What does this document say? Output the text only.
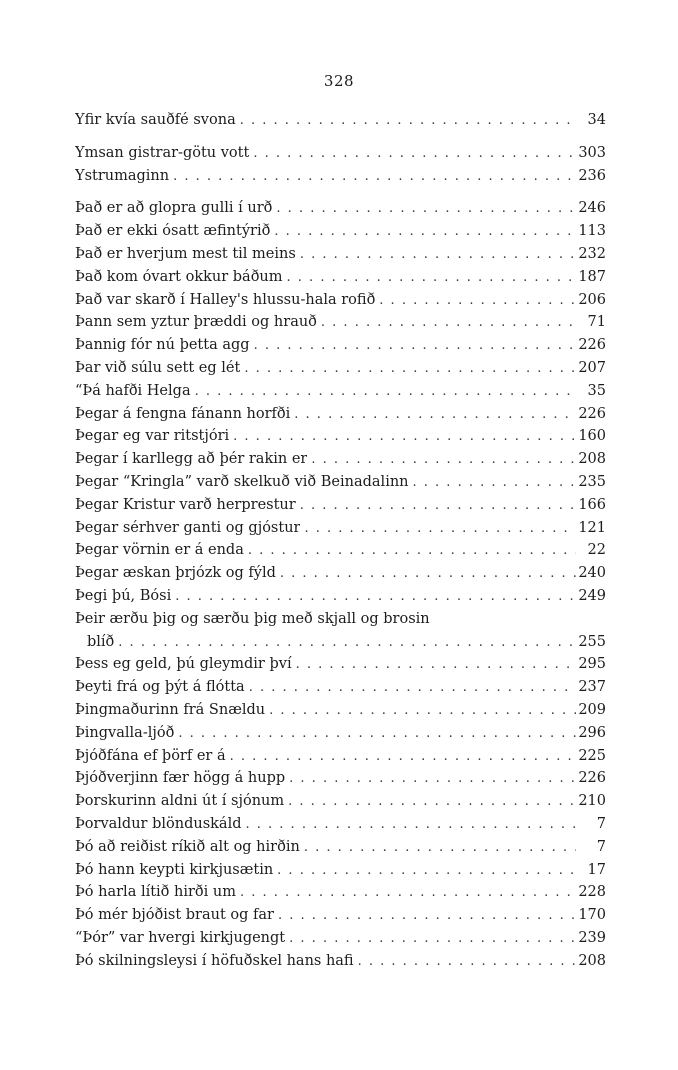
328
Yfir kvía sauðfé svona . . .	34
Ýmsan gistrar-götu vott . . .	303
Ýstrumaginn . . .	236
Það er að glopra gulli í urð . . .	246
Það er ekki ósatt æfintýrið . . .	113
Það er hverjum mest til meins . . .	232
Það kom óvart okkur báðum . . .	187
Það var skarð í Halley's hlussu-hala rofið . . .	206
Þann sem yztur þræddi og hrauð . . .	71
Þannig fór nú þetta agg . . .	226
Þar við súlu sett eg lét . . .	207
“Þá hafði Helga . . .	35
Þegar á fengna fánann horfði . . .	226
Þegar eg var ritstjóri . . .	160
Þegar í karllegg að þér rakin er . . .	208
Þegar “Kringla” varð skelkuð við Beinadalinn . . .	235
Þegar Kristur varð herprestur . . .	166
Þegar sérhver ganti og gjóstur . . .	121
Þegar vörnin er á enda . . .	22
Þegar æskan þrjózk og fýld . . .	240
Þegi þú, Bósi . . .	249
Þeir ærðu þig og særðu þig með skjall og brosin
blíð . . .	255
Þess eg geld, þú gleymdir því . . .	295
Þeyti frá og þýt á flótta . . .	237
Þingmaðurinn frá Snældu . . .	209
Þingvalla-ljóð . . .	296
Þjóðfána ef þörf er á . . .	225
Þjóðverjinn fær högg á hupp . . .	226
Þorskurinn aldni út í sjónum . . .	210
Þorvaldur blönduskáld . . .	7
Þó að reiðist ríkið alt og hirðin . . .	7
Þó hann keypti kirkjusætin . . .	17
Þó harla lítið hirði um . . .	228
Þó mér bjóðist braut og far . . .	170
“Þór” var hvergi kirkjugengt . . .	239
Þó skilningsleysi í höfuðskel hans hafi . . .	208
